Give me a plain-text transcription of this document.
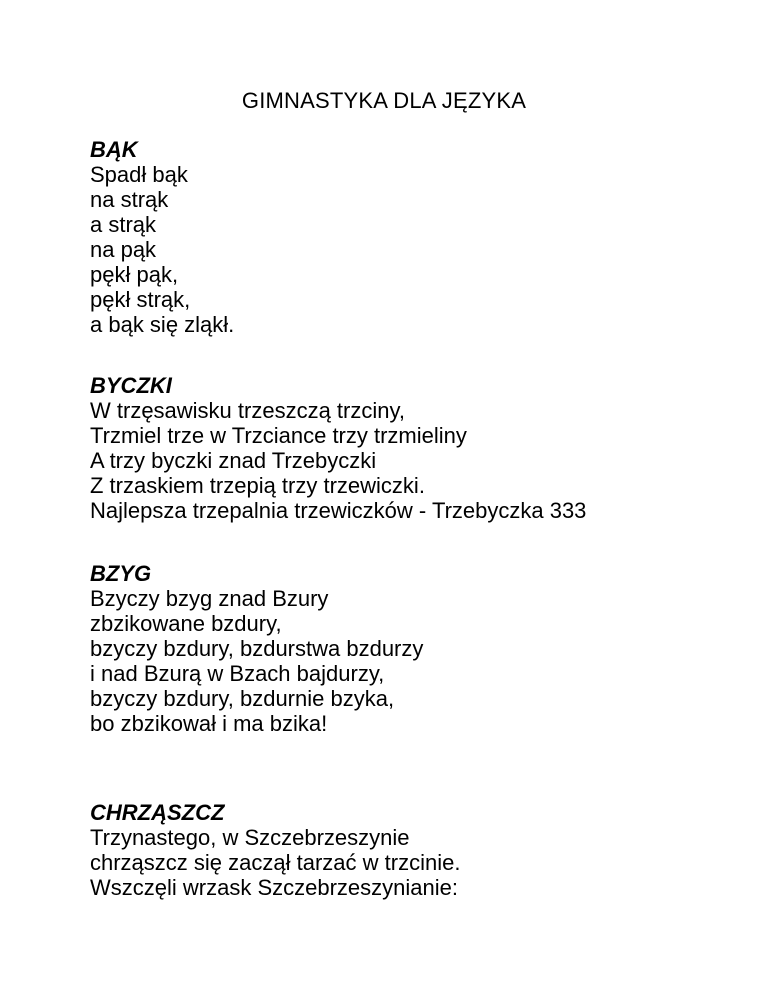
GIMNASTYKA DLA JĘZYKA

BĄK

Spadł bąk

na strąk

a strąk

na pąk

pękł pąk,

pękł strąk,

a bąk się zląkł.

BYCZKI

W trzęsawisku trzeszczą trzciny,

Trzmiel trze w Trzciance trzy trzmieliny

A trzy byczki znad Trzebyczki

Z trzaskiem trzepią trzy trzewiczki.

Najlepsza trzepalnia trzewiczków - Trzebyczka 333

BZYG

Bzyczy bzyg znad Bzury

zbzikowane bzdury,

bzyczy bzdury, bzdurstwa bzdurzy

i nad Bzurą w Bzach bajdurzy,

bzyczy bzdury, bzdurnie bzyka,

bo zbzikował i ma bzika!

CHRZĄSZCZ

Trzynastego, w Szczebrzeszynie

chrząszcz się zaczął tarzać w trzcinie.

Wszczęli wrzask Szczebrzeszynianie:
